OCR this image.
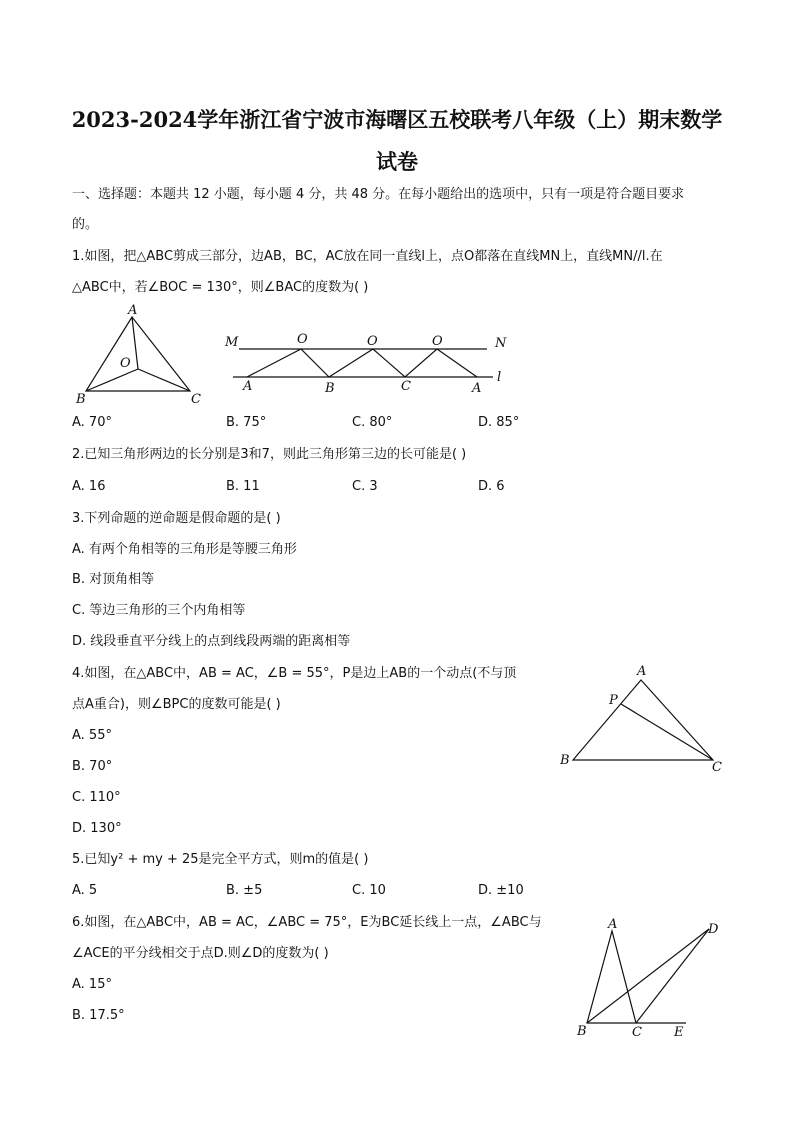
2023-2024学年浙江省宁波市海曙区五校联考八年级（上）期末数学
试卷
一、选择题：本题共 12 小题，每小题 4 分，共 48 分。在每小题给出的选项中，只有一项是符合题目要求
的。
1.如图，把△ABC剪成三部分，边AB，BC，AC放在同一直线l上，点O都落在直线MN上，直线MN//l.在
△ABC中，若∠BOC = 130°，则∠BAC的度数为( )
A
O
B	C
M	N
l
O	O	O
A	B	C	A
A. 70°	B. 75°	C. 80°	D. 85°
2.已知三角形两边的长分别是3和7，则此三角形第三边的长可能是( )
A. 16	B. 11	C. 3	D. 6
3.下列命题的逆命题是假命题的是( )
A. 有两个角相等的三角形是等腰三角形
B. 对顶角相等
C. 等边三角形的三个内角相等
D. 线段垂直平分线上的点到线段两端的距离相等
4.如图，在△ABC中，AB = AC，∠B = 55°，P是边上AB的一个动点(不与顶
点A重合)，则∠BPC的度数可能是( )
A. 55°
B. 70°
C. 110°
D. 130°
A
P
B	C
5.已知y² + my + 25是完全平方式，则m的值是( )
A. 5	B. ±5	C. 10	D. ±10
6.如图，在△ABC中，AB = AC，∠ABC = 75°，E为BC延长线上一点，∠ABC与
∠ACE的平分线相交于点D.则∠D的度数为( )
A. 15°
B. 17.5°
A	D
B	C E
